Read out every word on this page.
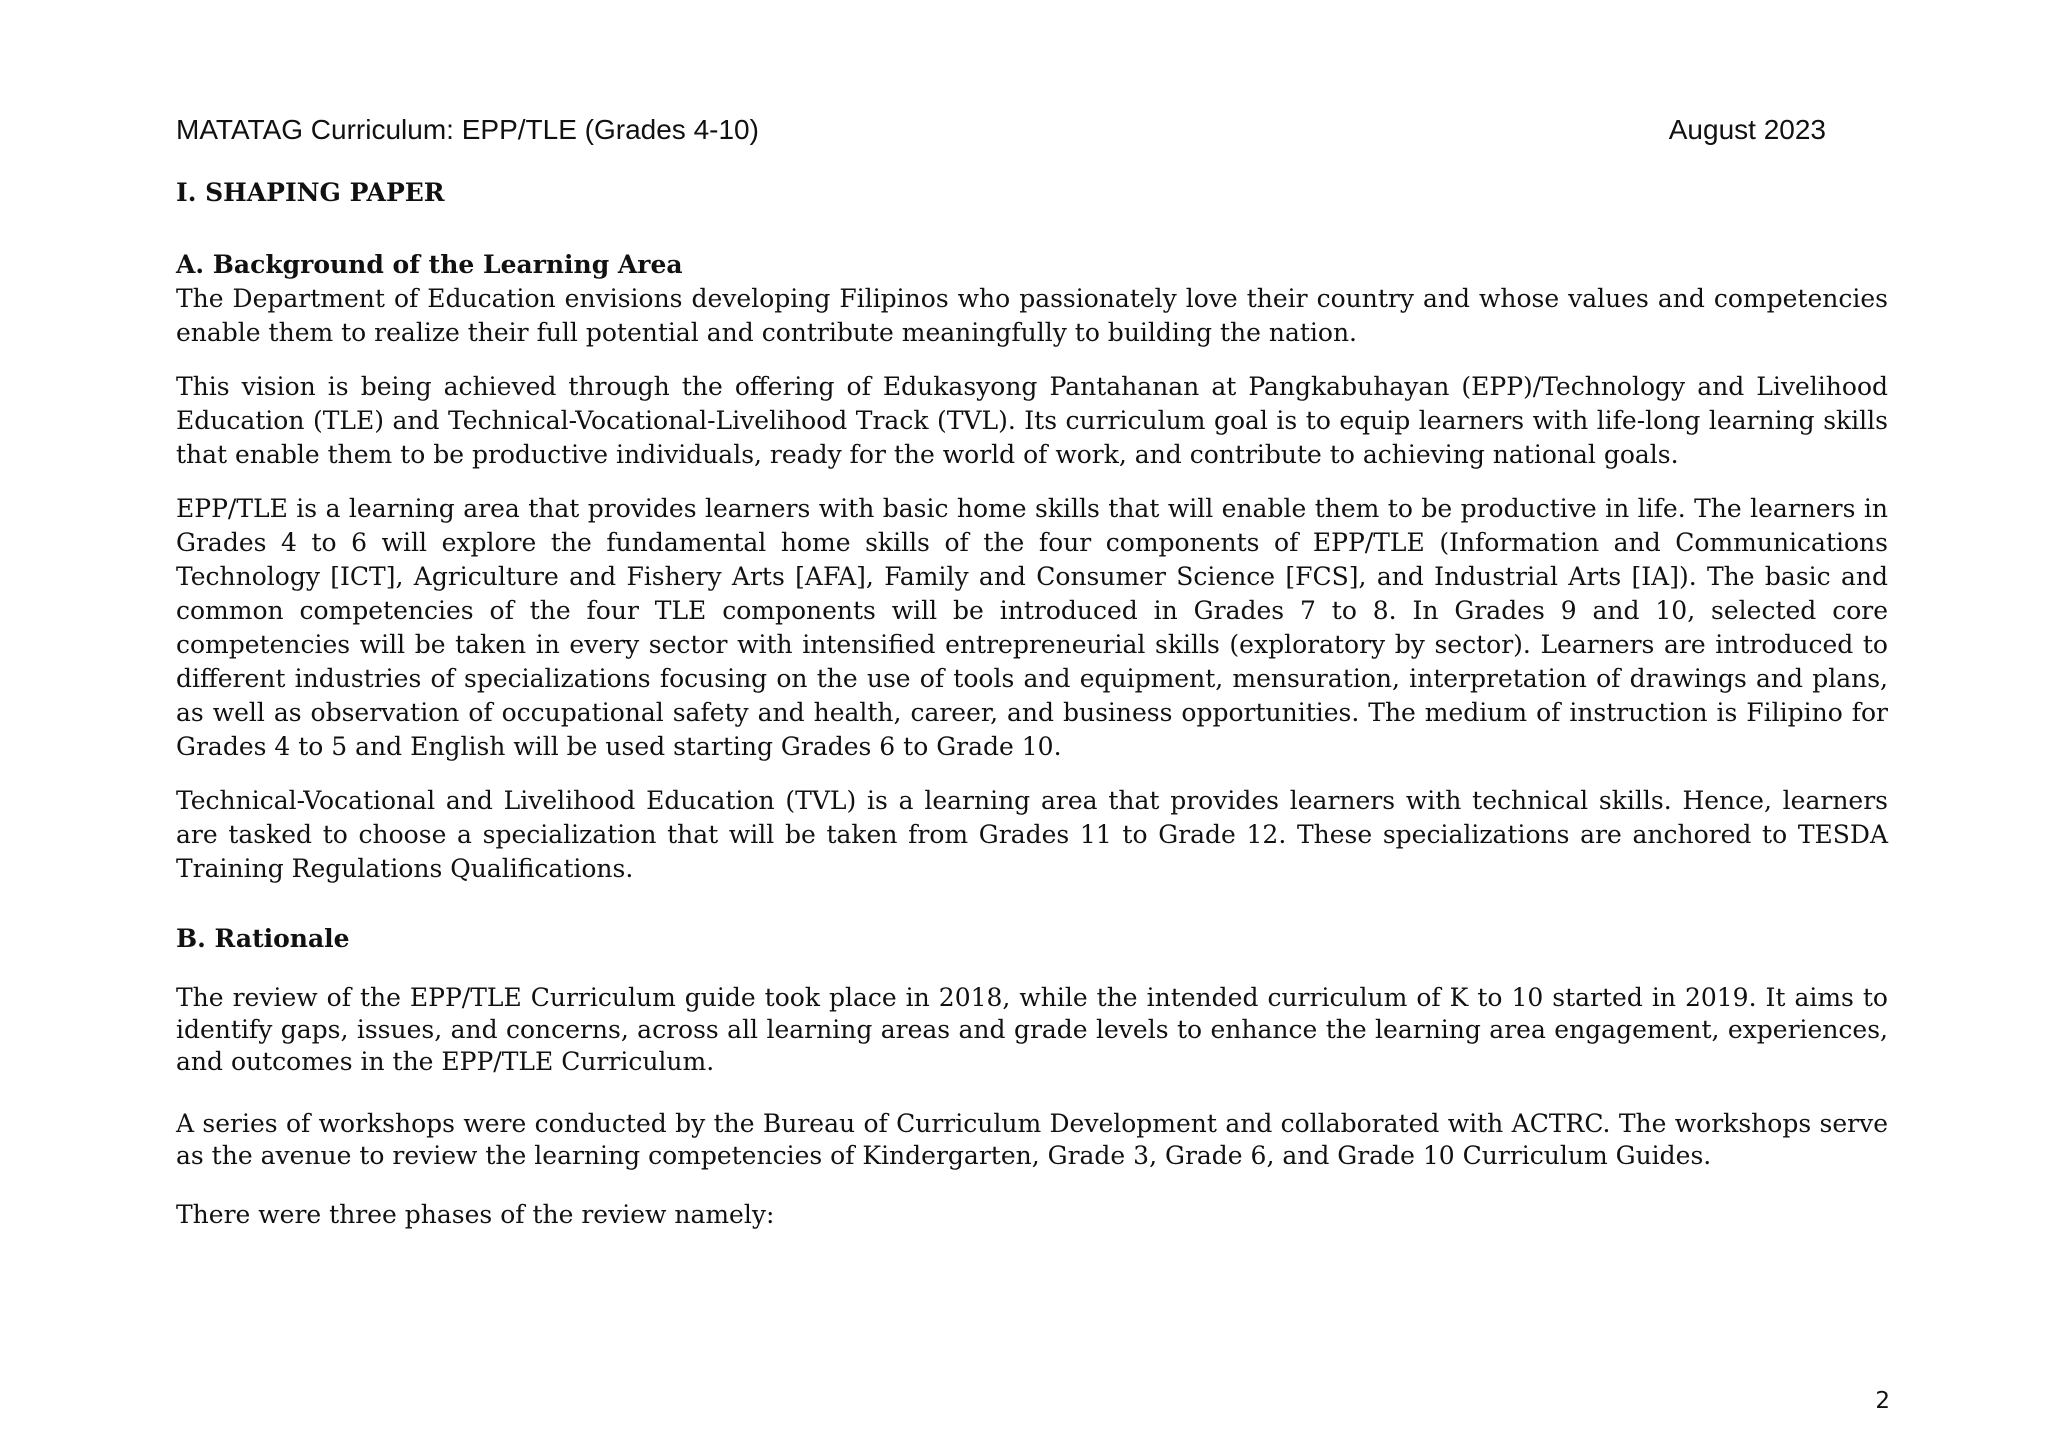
MATATAG Curriculum: EPP/TLE (Grades 4-10)	August 2023

I. SHAPING PAPER

A. Background of the Learning Area

The Department of Education envisions developing Filipinos who passionately love their country and whose values and competencies enable them to realize their full potential and contribute meaningfully to building the nation.

This vision is being achieved through the offering of Edukasyong Pantahanan at Pangkabuhayan (EPP)/Technology and Livelihood Education (TLE) and Technical-Vocational-Livelihood Track (TVL). Its curriculum goal is to equip learners with life-long learning skills that enable them to be productive individuals, ready for the world of work, and contribute to achieving national goals.

EPP/TLE is a learning area that provides learners with basic home skills that will enable them to be productive in life. The learners in Grades 4 to 6 will explore the fundamental home skills of the four components of EPP/TLE (Information and Communications Technology [ICT], Agriculture and Fishery Arts [AFA], Family and Consumer Science [FCS], and Industrial Arts [IA]). The basic and common competencies of the four TLE components will be introduced in Grades 7 to 8. In Grades 9 and 10, selected core competencies will be taken in every sector with intensified entrepreneurial skills (exploratory by sector). Learners are introduced to different industries of specializations focusing on the use of tools and equipment, mensuration, interpretation of drawings and plans, as well as observation of occupational safety and health, career, and business opportunities. The medium of instruction is Filipino for Grades 4 to 5 and English will be used starting Grades 6 to Grade 10.

Technical-Vocational and Livelihood Education (TVL) is a learning area that provides learners with technical skills. Hence, learners are tasked to choose a specialization that will be taken from Grades 11 to Grade 12. These specializations are anchored to TESDA Training Regulations Qualifications.

B. Rationale

The review of the EPP/TLE Curriculum guide took place in 2018, while the intended curriculum of K to 10 started in 2019. It aims to identify gaps, issues, and concerns, across all learning areas and grade levels to enhance the learning area engagement, experiences, and outcomes in the EPP/TLE Curriculum.

A series of workshops were conducted by the Bureau of Curriculum Development and collaborated with ACTRC. The workshops serve as the avenue to review the learning competencies of Kindergarten, Grade 3, Grade 6, and Grade 10 Curriculum Guides.

There were three phases of the review namely:

2
